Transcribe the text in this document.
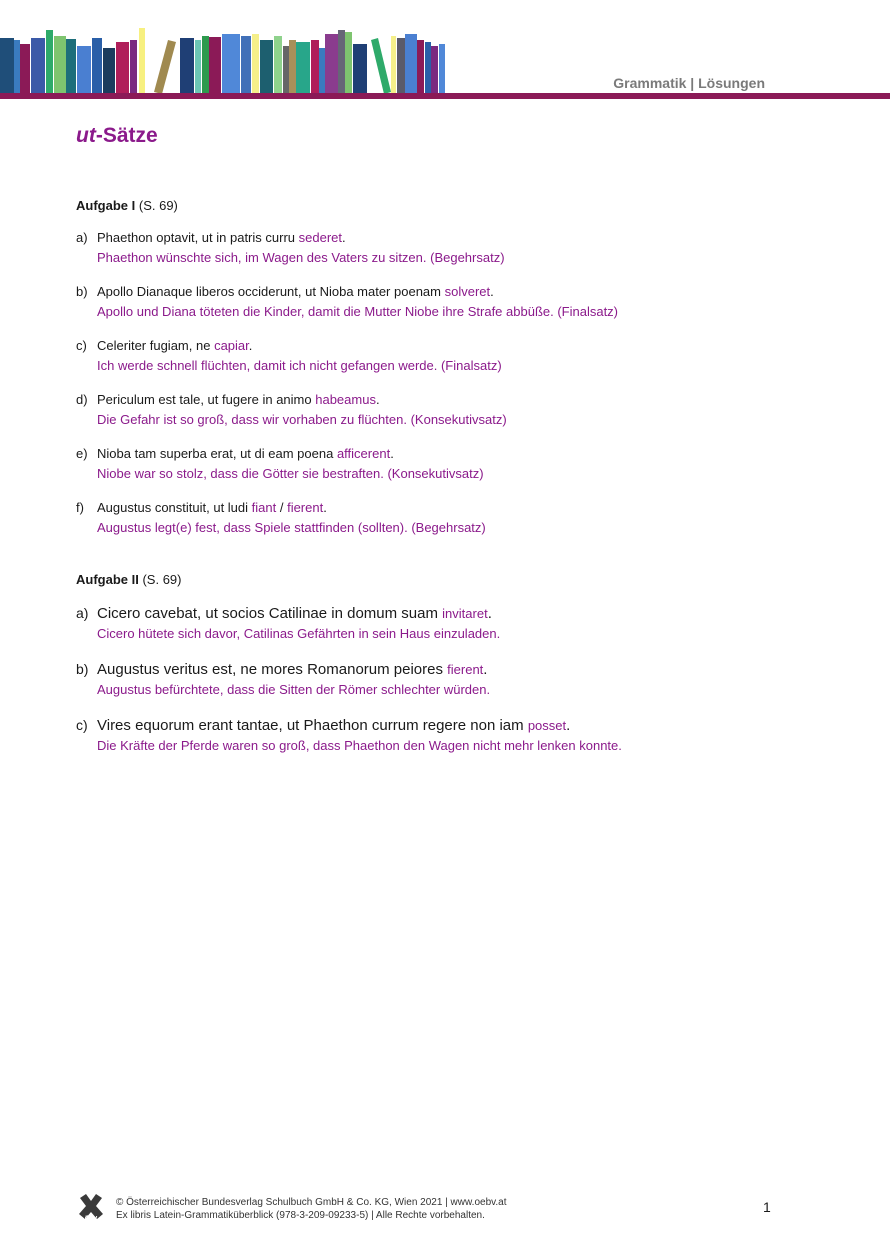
Grammatik | Lösungen
ut-Sätze
Aufgabe I (S. 69)
a) Phaethon optavit, ut in patris curru sederet.
Phaethon wünschte sich, im Wagen des Vaters zu sitzen. (Begehrsatz)
b) Apollo Dianaque liberos occiderunt, ut Nioba mater poenam solveret.
Apollo und Diana töteten die Kinder, damit die Mutter Niobe ihre Strafe abbüße. (Finalsatz)
c) Celeriter fugiam, ne capiar.
Ich werde schnell flüchten, damit ich nicht gefangen werde. (Finalsatz)
d) Periculum est tale, ut fugere in animo habeamus.
Die Gefahr ist so groß, dass wir vorhaben zu flüchten. (Konsekutivsatz)
e) Nioba tam superba erat, ut di eam poena afficerent.
Niobe war so stolz, dass die Götter sie bestraften. (Konsekutivsatz)
f) Augustus constituit, ut ludi fiant / fierent.
Augustus legt(e) fest, dass Spiele stattfinden (sollten). (Begehrsatz)
Aufgabe II (S. 69)
a) Cicero cavebat, ut socios Catilinae in domum suam invitaret.
Cicero hütete sich davor, Catilinas Gefährten in sein Haus einzuladen.
b) Augustus veritus est, ne mores Romanorum peiores fierent.
Augustus befürchtete, dass die Sitten der Römer schlechter würden.
c) Vires equorum erant tantae, ut Phaethon currum regere non iam posset.
Die Kräfte der Pferde waren so groß, dass Phaethon den Wagen nicht mehr lenken konnte.
öbv
© Österreichischer Bundesverlag Schulbuch GmbH & Co. KG, Wien 2021 | www.oebv.at
Ex libris Latein-Grammatiküberblick (978-3-209-09233-5) | Alle Rechte vorbehalten.
1
